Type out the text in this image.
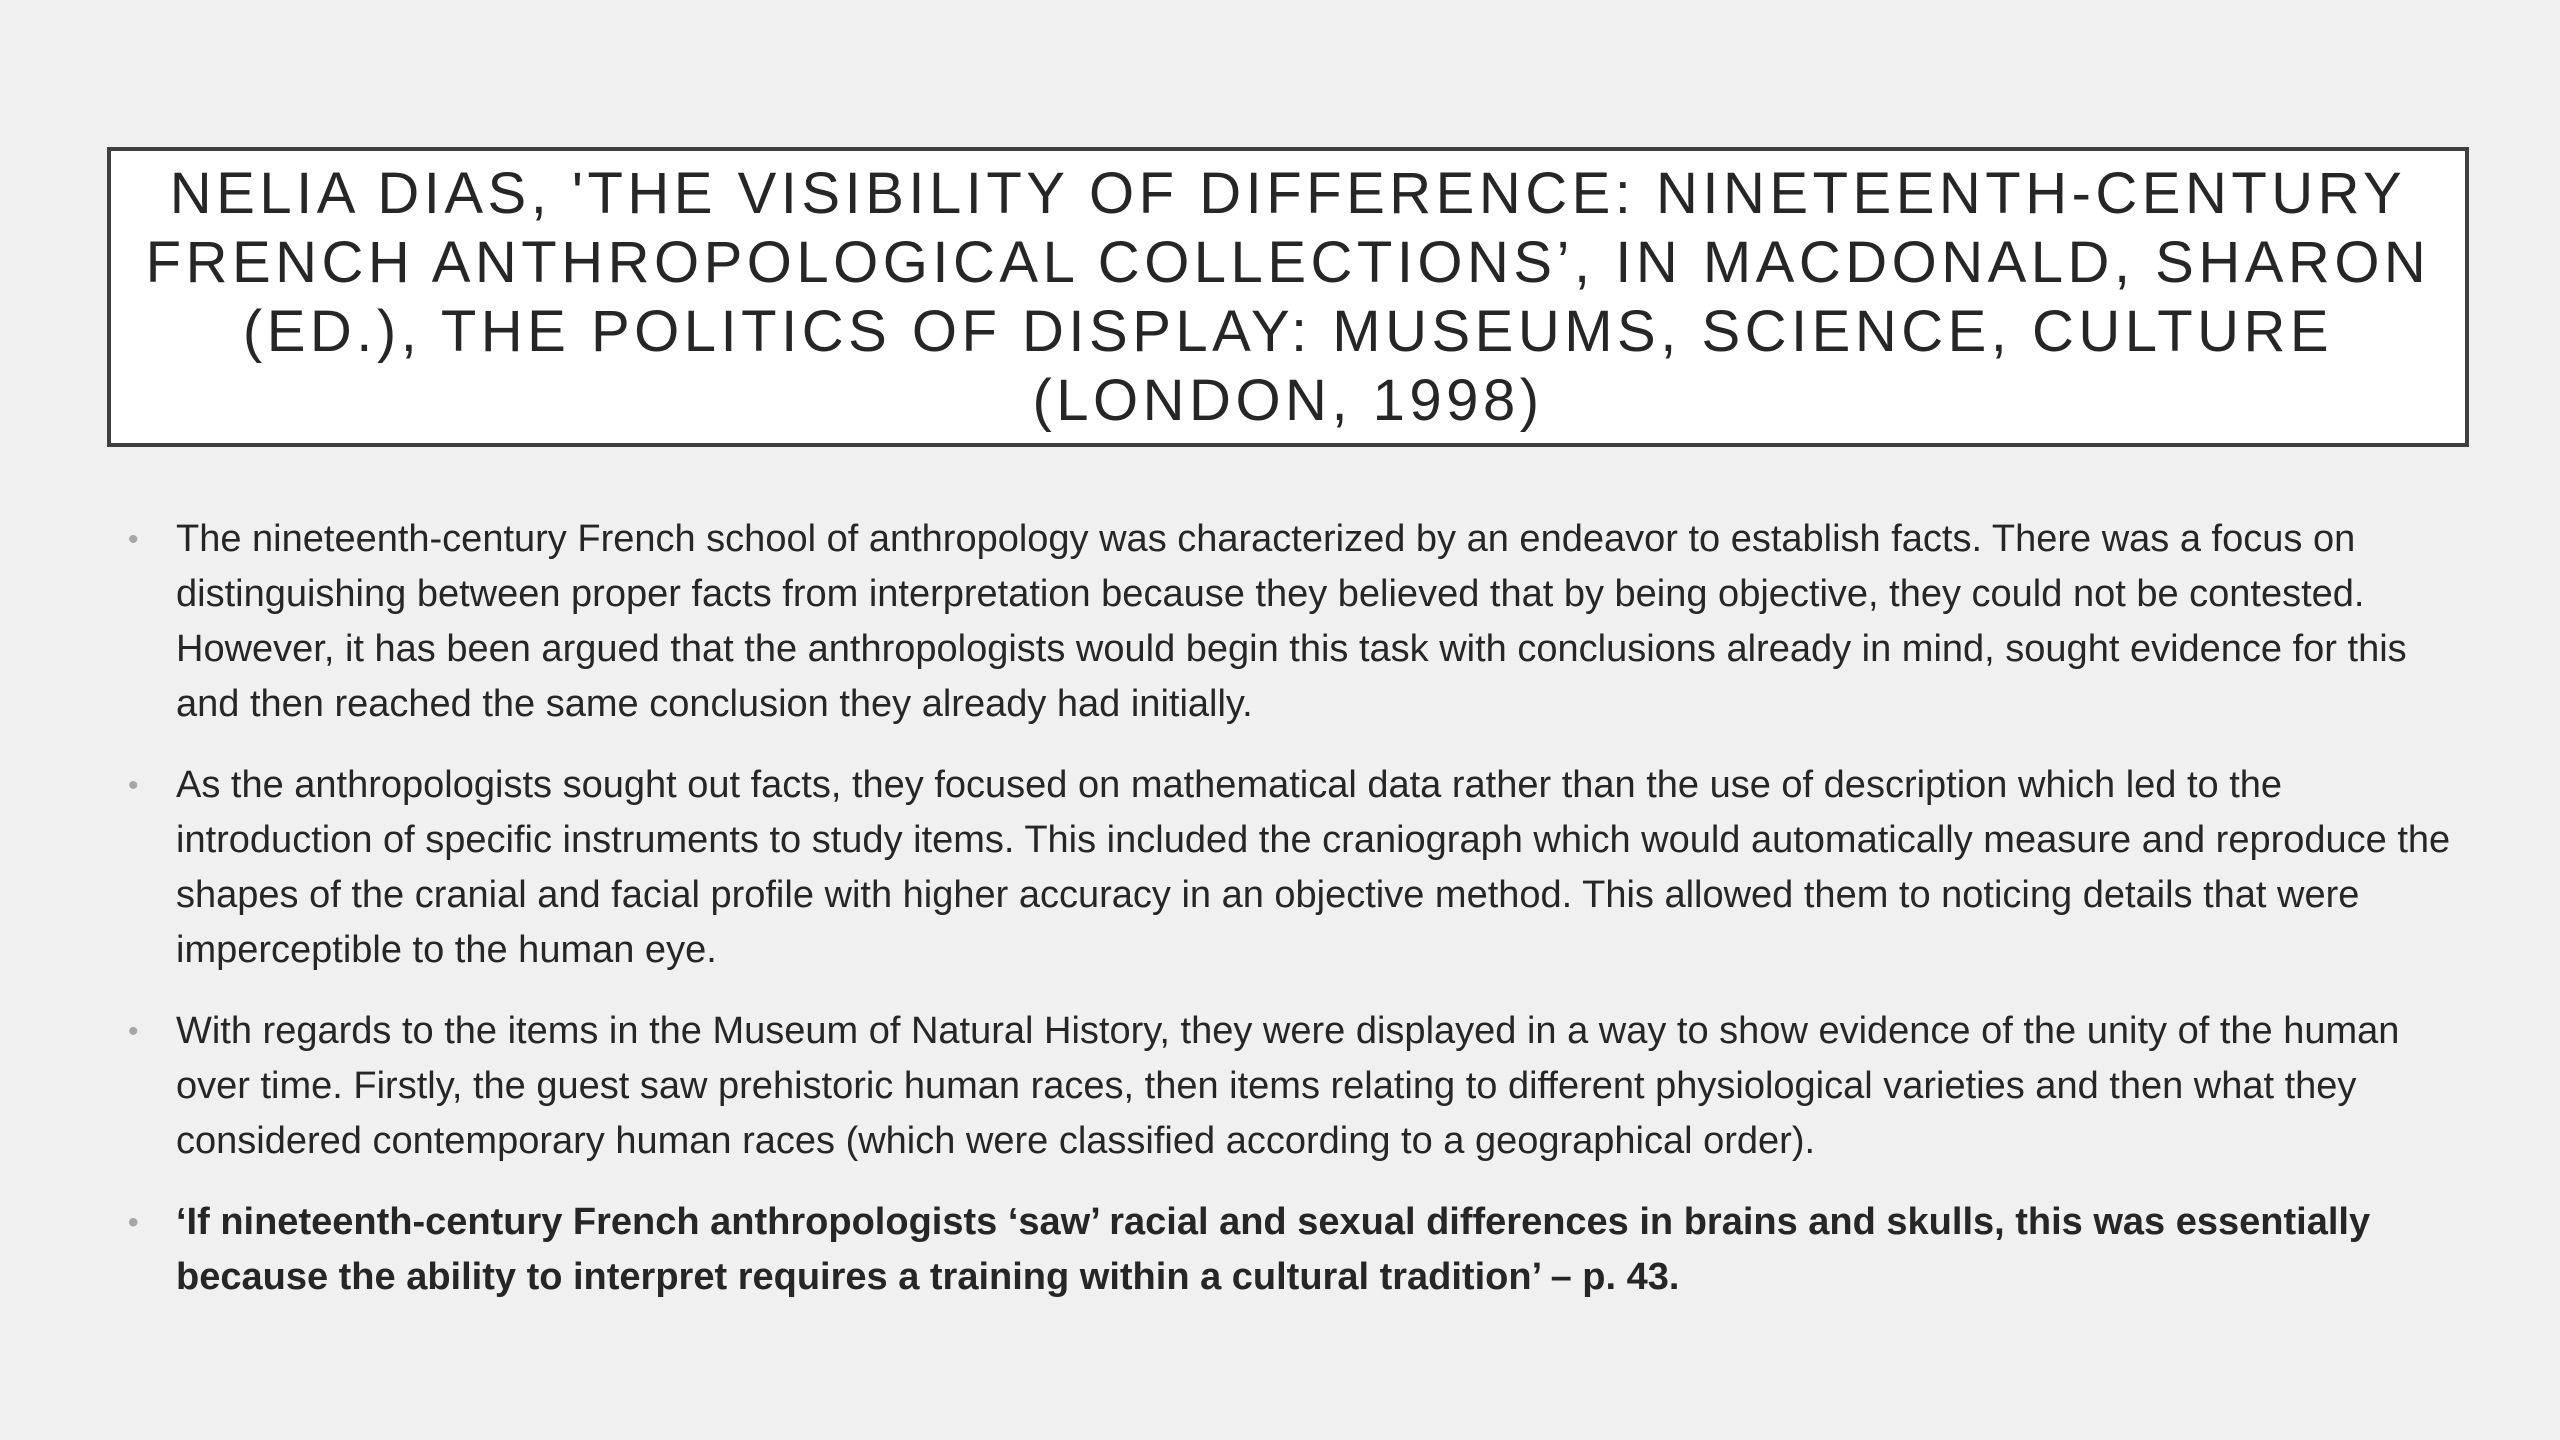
NELIA DIAS, 'THE VISIBILITY OF DIFFERENCE: NINETEENTH-CENTURY FRENCH ANTHROPOLOGICAL COLLECTIONS’, IN MACDONALD, SHARON (ED.), THE POLITICS OF DISPLAY: MUSEUMS, SCIENCE, CULTURE (LONDON, 1998)
• The nineteenth-century French school of anthropology was characterized by an endeavor to establish facts. There was a focus on distinguishing between proper facts from interpretation because they believed that by being objective, they could not be contested. However, it has been argued that the anthropologists would begin this task with conclusions already in mind, sought evidence for this and then reached the same conclusion they already had initially.
• As the anthropologists sought out facts, they focused on mathematical data rather than the use of description which led to the introduction of specific instruments to study items. This included the craniograph which would automatically measure and reproduce the shapes of the cranial and facial profile with higher accuracy in an objective method. This allowed them to noticing details that were imperceptible to the human eye.
• With regards to the items in the Museum of Natural History, they were displayed in a way to show evidence of the unity of the human over time. Firstly, the guest saw prehistoric human races, then items relating to different physiological varieties and then what they considered contemporary human races (which were classified according to a geographical order).
• ‘If nineteenth-century French anthropologists ‘saw’ racial and sexual differences in brains and skulls, this was essentially because the ability to interpret requires a training within a cultural tradition’ – p. 43.
